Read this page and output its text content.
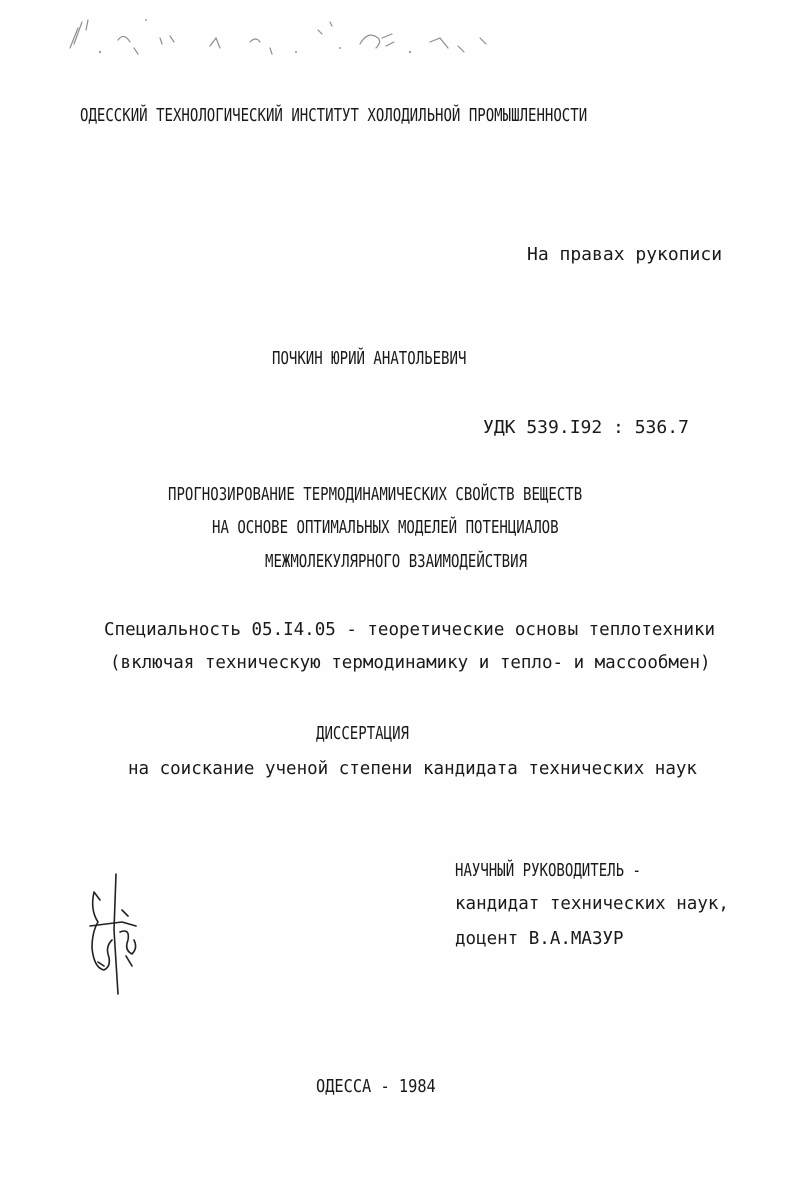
ОДЕССКИЙ ТЕХНОЛОГИЧЕСКИЙ ИНСТИТУТ ХОЛОДИЛЬНОЙ ПРОМЫШЛЕННОСТИ
На правах рукописи
ПОЧКИН ЮРИЙ АНАТОЛЬЕВИЧ
УДК 539.I92 : 536.7
ПРОГНОЗИРОВАНИЕ ТЕРМОДИНАМИЧЕСКИХ СВОЙСТВ ВЕЩЕСТВ
НА ОСНОВЕ ОПТИМАЛЬНЫХ МОДЕЛЕЙ ПОТЕНЦИАЛОВ
МЕЖМОЛЕКУЛЯРНОГО ВЗАИМОДЕЙСТВИЯ
Специальность 05.I4.05 - теоретические основы теплотехники
(включая техническую термодинамику и тепло- и массообмен)
ДИССЕРТАЦИЯ
на соискание ученой степени кандидата технических наук
НАУЧНЫЙ РУКОВОДИТЕЛЬ -
кандидат технических наук,
доцент В.А.МАЗУР
ОДЕССА - 1984
